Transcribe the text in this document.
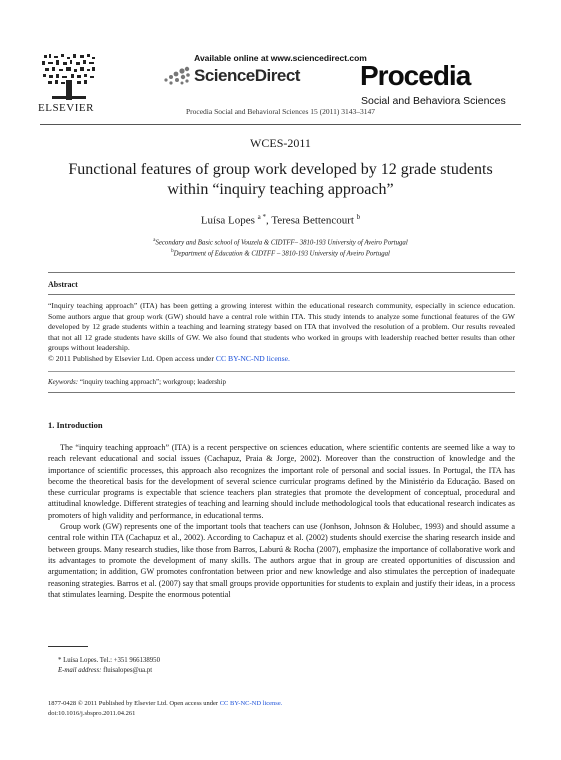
ELSEVIER
Available online at www.sciencedirect.com
ScienceDirect
Procedia Social and Behavioral Sciences 15 (2011) 3143–3147
Procedia
Social and Behaviora Sciences
WCES-2011
Functional features of group work developed by 12 grade students
within “inquiry teaching approach”
Luísa Lopes $^{a *}$, Teresa Bettencourt $^b$
$^a$Secondary and Basic school of Vouzela & CIDTFF– 3810-193 University of Aveiro Portugal
$^b$Department of Education & CIDTFF – 3810-193 University of Aveiro Portugal
Abstract

“Inquiry teaching approach” (ITA) has been getting a growing interest within the educational research community, especially in science education. Some authors argue that group work (GW) should have a central role within ITA. This study intends to analyze some functional features of the GW developed by 12 grade students within a teaching and learning strategy based on ITA that involved the resolution of a problem. Our results revealed that not all 12 grade students have skills of GW. We also found that students who worked in groups with leadership reached better results than other groups without leadership.

© 2011 Published by Elsevier Ltd. Open access under CC BY-NC-ND license.

Keywords: “inquiry teaching approach”; workgroup; leadership
1. Introduction

The “inquiry teaching approach” (ITA) is a recent perspective on sciences education, where scientific contents are seemed like a way to reach relevant educational and social issues (Cachapuz, Praia & Jorge, 2002). Moreover than the construction of knowledge and the importance of scientific processes, this approach also recognizes the important role of personal and social issues. In Portugal, the ITA has become the theoretical basis for the development of several science curricular programs defined by the Ministério da Educação. Based on these curricular programs is expectable that science teachers plan strategies that promote the development of conceptual, procedural and attitudinal knowledge. Different strategies of teaching and learning should include methodological tools that educational research indicates as promoters of high validity and performance, in educational terms.

Group work (GW) represents one of the important tools that teachers can use (Jonhson, Johnson & Holubec, 1993) and should assume a central role within ITA (Cachapuz et al., 2002). According to Cachapuz et al. (2002) students should exercise the sharing research inside and between groups. Many research studies, like those from Barros, Laburú & Rocha (2007), emphasize the importance of collaborative work and its advantages to promote the development of many skills. The authors argue that in group are created opportunities of discussion and argumentation; in addition, GW promotes confrontation between prior and new knowledge and also stimulates the perception of inadequate reasoning strategies. Barros et al. (2007) say that small groups provide opportunities for students to explain and justify their ideas, in a process that stimulates learning. Despite the enormous potential

* Luísa Lopes. Tel.: +351 966138950
E-mail address: fluisalopes@ua.pt
1877-0428 © 2011 Published by Elsevier Ltd. Open access under CC BY-NC-ND license.
doi:10.1016/j.sbspro.2011.04.261
